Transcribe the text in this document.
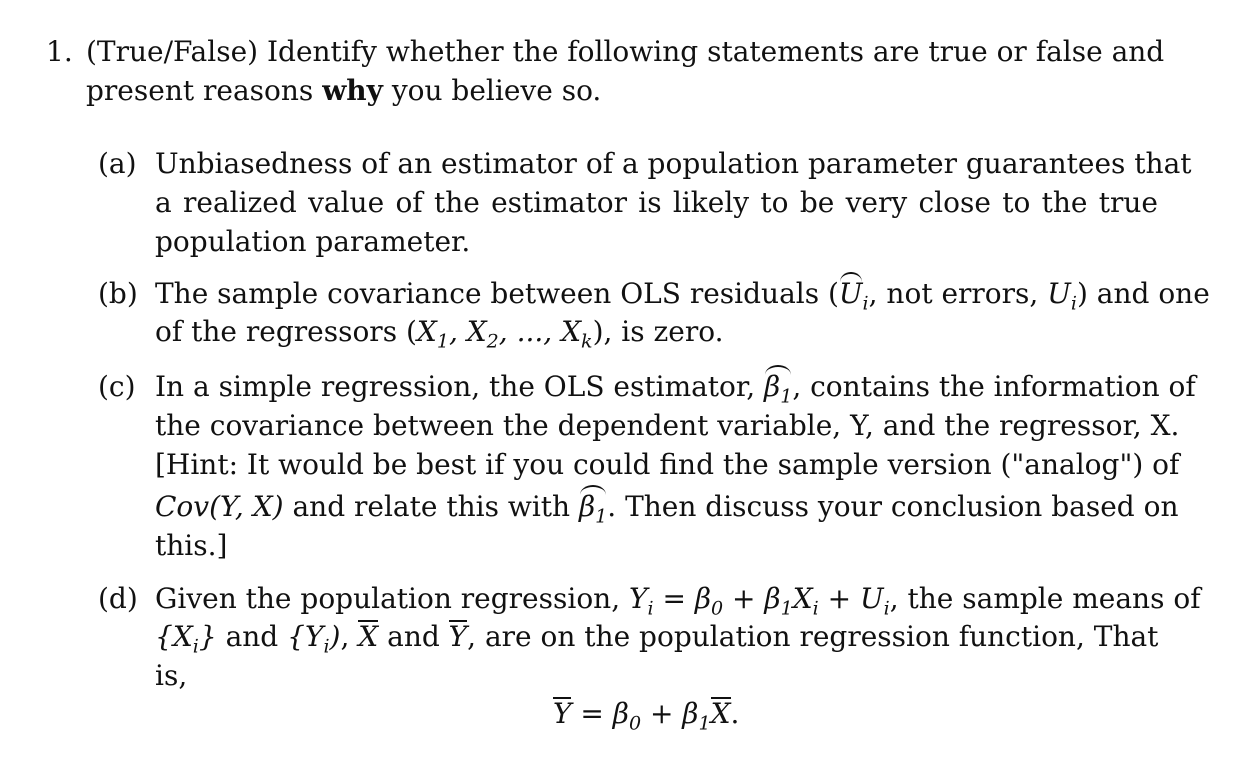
1. (True/False) Identify whether the following statements are true or false and
present reasons why you believe so.
(a) Unbiasedness of an estimator of a population parameter guarantees that
a realized value of the estimator is likely to be very close to the true
population parameter.
(b) The sample covariance between OLS residuals ($U_i$, not errors, $U_i$) and one
of the regressors ($X_1$, $X_2$, ..., $X_k$), is zero.
(c) In a simple regression, the OLS estimator, $\beta_1$, contains the information of
the covariance between the dependent variable, Y, and the regressor, X.
[Hint: It would be best if you could find the sample version ("analog") of
Cov(Y, X) and relate this with $\beta_1$. Then discuss your conclusion based on
this.]
(d) Given the population regression, $Y_i = \beta_0 + \beta_1X_i + U_i$, the sample means of
$\{X_i\}$ and $\{Y_i)$, X and Y, are on the population regression function, That
is,
$Y = \beta_0 + \beta_1X$.
